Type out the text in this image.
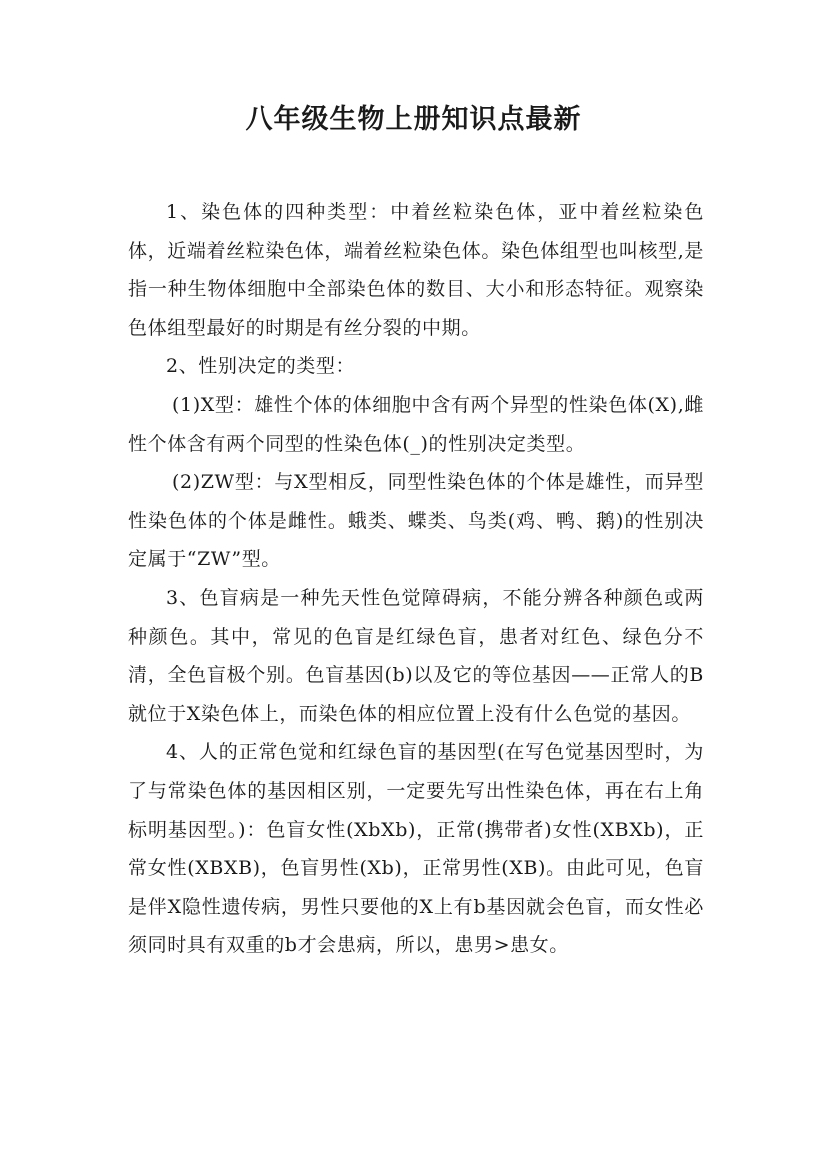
八年级生物上册知识点最新

1、染色体的四种类型：中着丝粒染色体，亚中着丝粒染色体，近端着丝粒染色体，端着丝粒染色体。染色体组型也叫核型,是指一种生物体细胞中全部染色体的数目、大小和形态特征。观察染色体组型最好的时期是有丝分裂的中期。

2、性别决定的类型：

(1)X型：雄性个体的体细胞中含有两个异型的性染色体(X),雌性个体含有两个同型的性染色体(_)的性别决定类型。

(2)ZW型：与X型相反，同型性染色体的个体是雄性，而异型性染色体的个体是雌性。蛾类、蝶类、鸟类(鸡、鸭、鹅)的性别决定属于“ZW”型。

3、色盲病是一种先天性色觉障碍病，不能分辨各种颜色或两种颜色。其中，常见的色盲是红绿色盲，患者对红色、绿色分不清，全色盲极个别。色盲基因(b)以及它的等位基因——正常人的B就位于X染色体上，而染色体的相应位置上没有什么色觉的基因。

4、人的正常色觉和红绿色盲的基因型(在写色觉基因型时，为了与常染色体的基因相区别，一定要先写出性染色体，再在右上角标明基因型。)：色盲女性(XbXb)，正常(携带者)女性(XBXb)，正常女性(XBXB)，色盲男性(Xb)，正常男性(XB)。由此可见，色盲是伴X隐性遗传病，男性只要他的X上有b基因就会色盲，而女性必须同时具有双重的b才会患病，所以，患男>患女。
